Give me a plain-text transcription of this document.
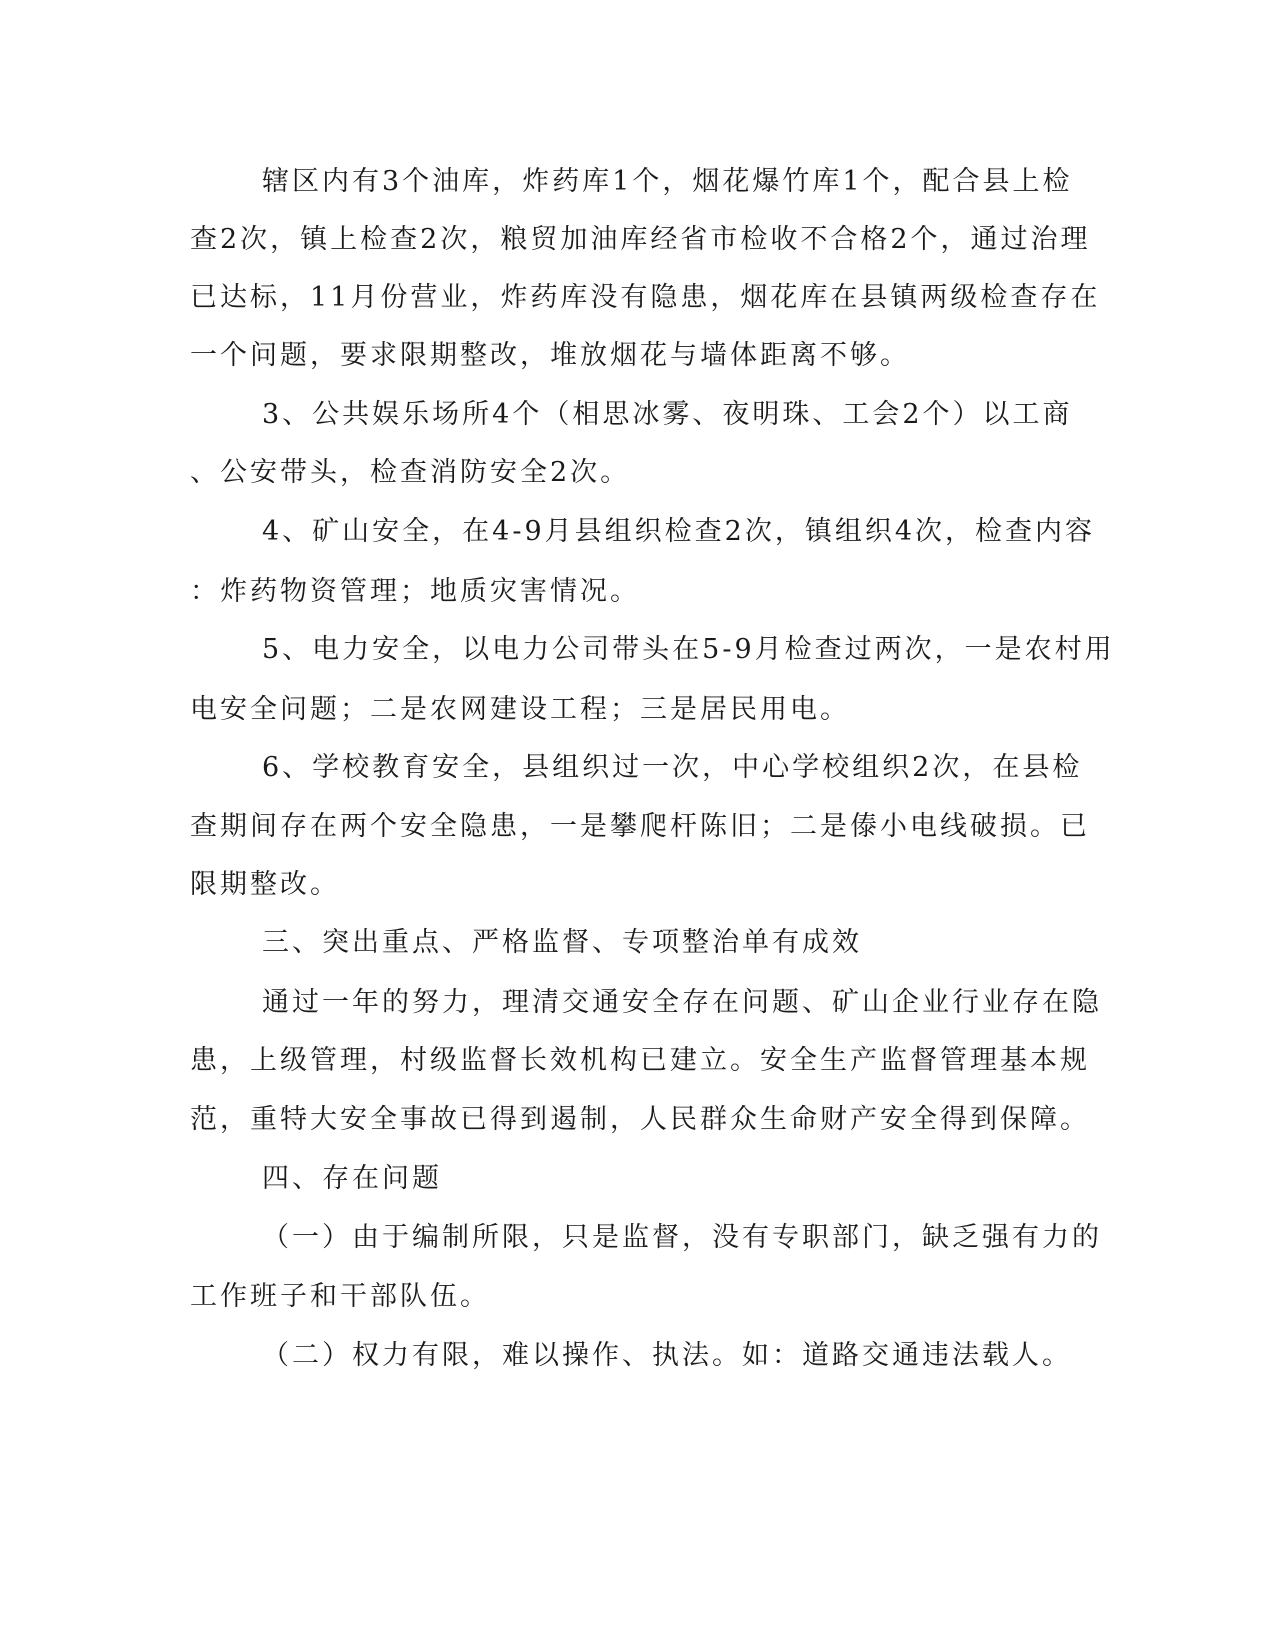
辖区内有3个油库，炸药库1个，烟花爆竹库1个，配合县上检
查2次，镇上检查2次，粮贸加油库经省市检收不合格2个，通过治理
已达标，11月份营业，炸药库没有隐患，烟花库在县镇两级检查存在
一个问题，要求限期整改，堆放烟花与墙体距离不够。
3、公共娱乐场所4个（相思冰雾、夜明珠、工会2个）以工商
、公安带头，检查消防安全2次。
4、矿山安全，在4-9月县组织检查2次，镇组织4次，检查内容
：炸药物资管理；地质灾害情况。
5、电力安全，以电力公司带头在5-9月检查过两次，一是农村用
电安全问题；二是农网建设工程；三是居民用电。
6、学校教育安全，县组织过一次，中心学校组织2次，在县检
查期间存在两个安全隐患，一是攀爬杆陈旧；二是傣小电线破损。已
限期整改。
三、突出重点、严格监督、专项整治单有成效
通过一年的努力，理清交通安全存在问题、矿山企业行业存在隐
患，上级管理，村级监督长效机构已建立。安全生产监督管理基本规
范，重特大安全事故已得到遏制，人民群众生命财产安全得到保障。
四、存在问题
（一）由于编制所限，只是监督，没有专职部门，缺乏强有力的
工作班子和干部队伍。
（二）权力有限，难以操作、执法。如：道路交通违法载人。
